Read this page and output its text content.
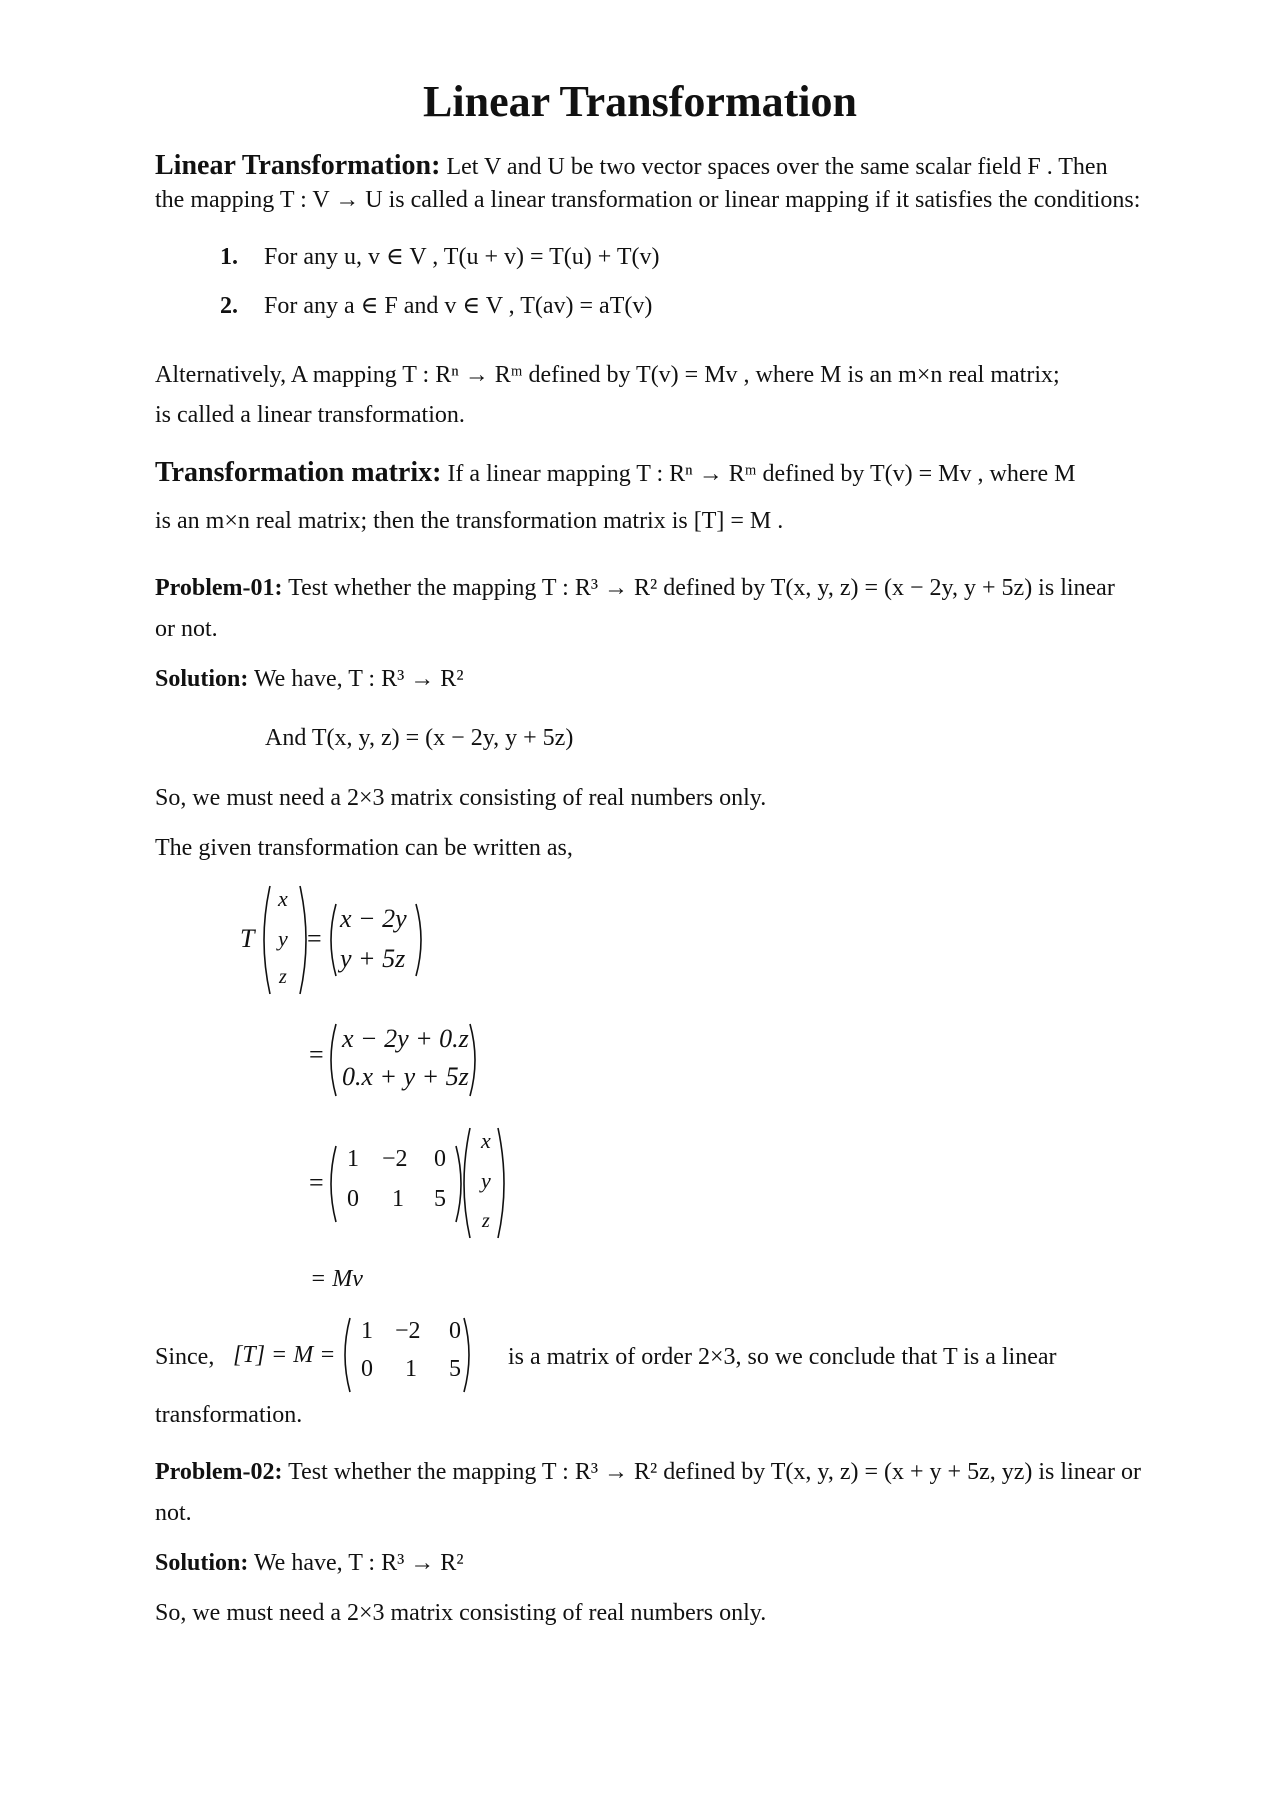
Linear Transformation
Linear Transformation: Let V and U be two vector spaces over the same scalar field F . Then
the mapping T : V → U is called a linear transformation or linear mapping if it satisfies the conditions:
1. For any u, v ∈ V , T(u + v) = T(u) + T(v)
2. For any a ∈ F and v ∈ V , T(av) = aT(v)
Alternatively, A mapping T : Rⁿ → Rᵐ defined by T(v) = Mv , where M is an m×n real matrix;
is called a linear transformation.
Transformation matrix: If a linear mapping T : Rⁿ → Rᵐ defined by T(v) = Mv , where M
is an m×n real matrix; then the transformation matrix is [T] = M .
Problem-01: Test whether the mapping T : R³ → R² defined by T(x, y, z) = (x − 2y, y + 5z) is linear
or not.
Solution: We have, T : R³ → R²
And T(x, y, z) = (x − 2y, y + 5z)
So, we must need a 2×3 matrix consisting of real numbers only.
The given transformation can be written as,
T
x
y
z
=
x − 2y
y + 5z
=
x − 2y + 0.z
0.x + y + 5z
=
1 −2 0
0 1 5
x
y
z
= Mv
Since, [T] = M =
1 −2 0
0 1 5 is a matrix of order 2×3, so we conclude that T is a linear
transformation.
Problem-02: Test whether the mapping T : R³ → R² defined by T(x, y, z) = (x + y + 5z, yz) is linear or
not.
Solution: We have, T : R³ → R²
So, we must need a 2×3 matrix consisting of real numbers only.
